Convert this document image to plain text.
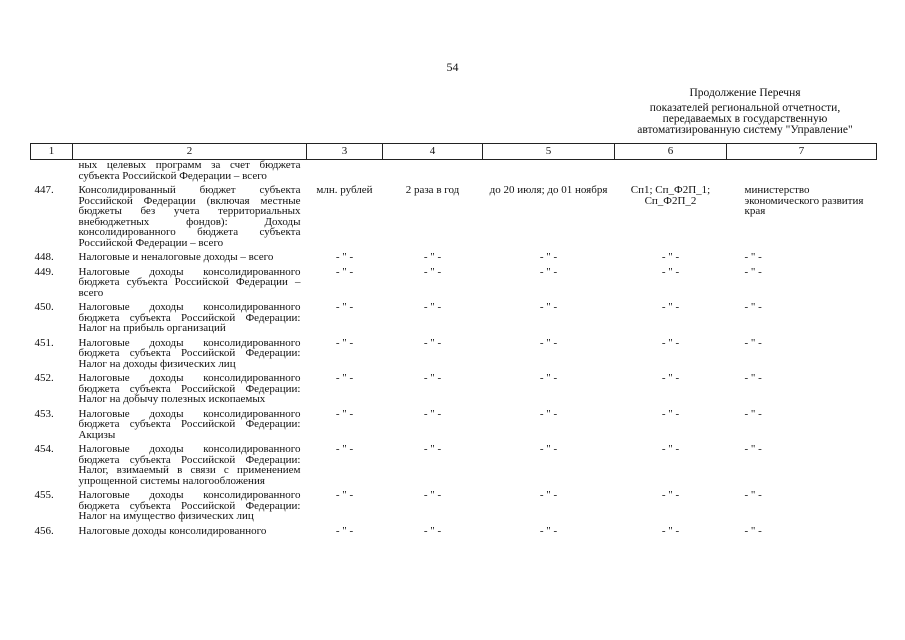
54
Продолжение Перечня
показателей региональной отчетности, передаваемых в государственную автоматизированную систему "Управление"
1	2	3	4	5	6	7
	ных целевых программ за счет бюджета субъекта Российской Федерации – всего					

447.	Консолидированный бюджет субъекта Российской Федерации (включая местные бюджеты без учета территориальных внебюджетных фондов): Доходы консолидированного бюджета субъекта Российской Федерации – всего	млн. рублей	2 раза в год	до 20 июля; до 01 ноября	Сп1; Сп_Ф2П_1; Сп_Ф2П_2	министерство экономического развития края

448.	Налоговые и неналоговые доходы – всего	- " -	- " -	- " -	- " -	- " -

449.	Налоговые доходы консолидированного бюджета субъекта Российской Федерации – всего	- " -	- " -	- " -	- " -	- " -

450.	Налоговые доходы консолидированного бюджета субъекта Российской Федерации: Налог на прибыль организаций	- " -	- " -	- " -	- " -	- " -

451.	Налоговые доходы консолидированного бюджета субъекта Российской Федерации: Налог на доходы физических лиц	- " -	- " -	- " -	- " -	- " -

452.	Налоговые доходы консолидированного бюджета субъекта Российской Федерации: Налог на добычу полезных ископаемых	- " -	- " -	- " -	- " -	- " -

453.	Налоговые доходы консолидированного бюджета субъекта Российской Федерации: Акцизы	- " -	- " -	- " -	- " -	- " -

454.	Налоговые доходы консолидированного бюджета субъекта Российской Федерации: Налог, взимаемый в связи с применением упрощенной системы налогообложения	- " -	- " -	- " -	- " -	- " -

455.	Налоговые доходы консолидированного бюджета субъекта Российской Федерации: Налог на имущество физических лиц	- " -	- " -	- " -	- " -	- " -

456.	Налоговые доходы консолидированного	- " -	- " -	- " -	- " -	- " -
